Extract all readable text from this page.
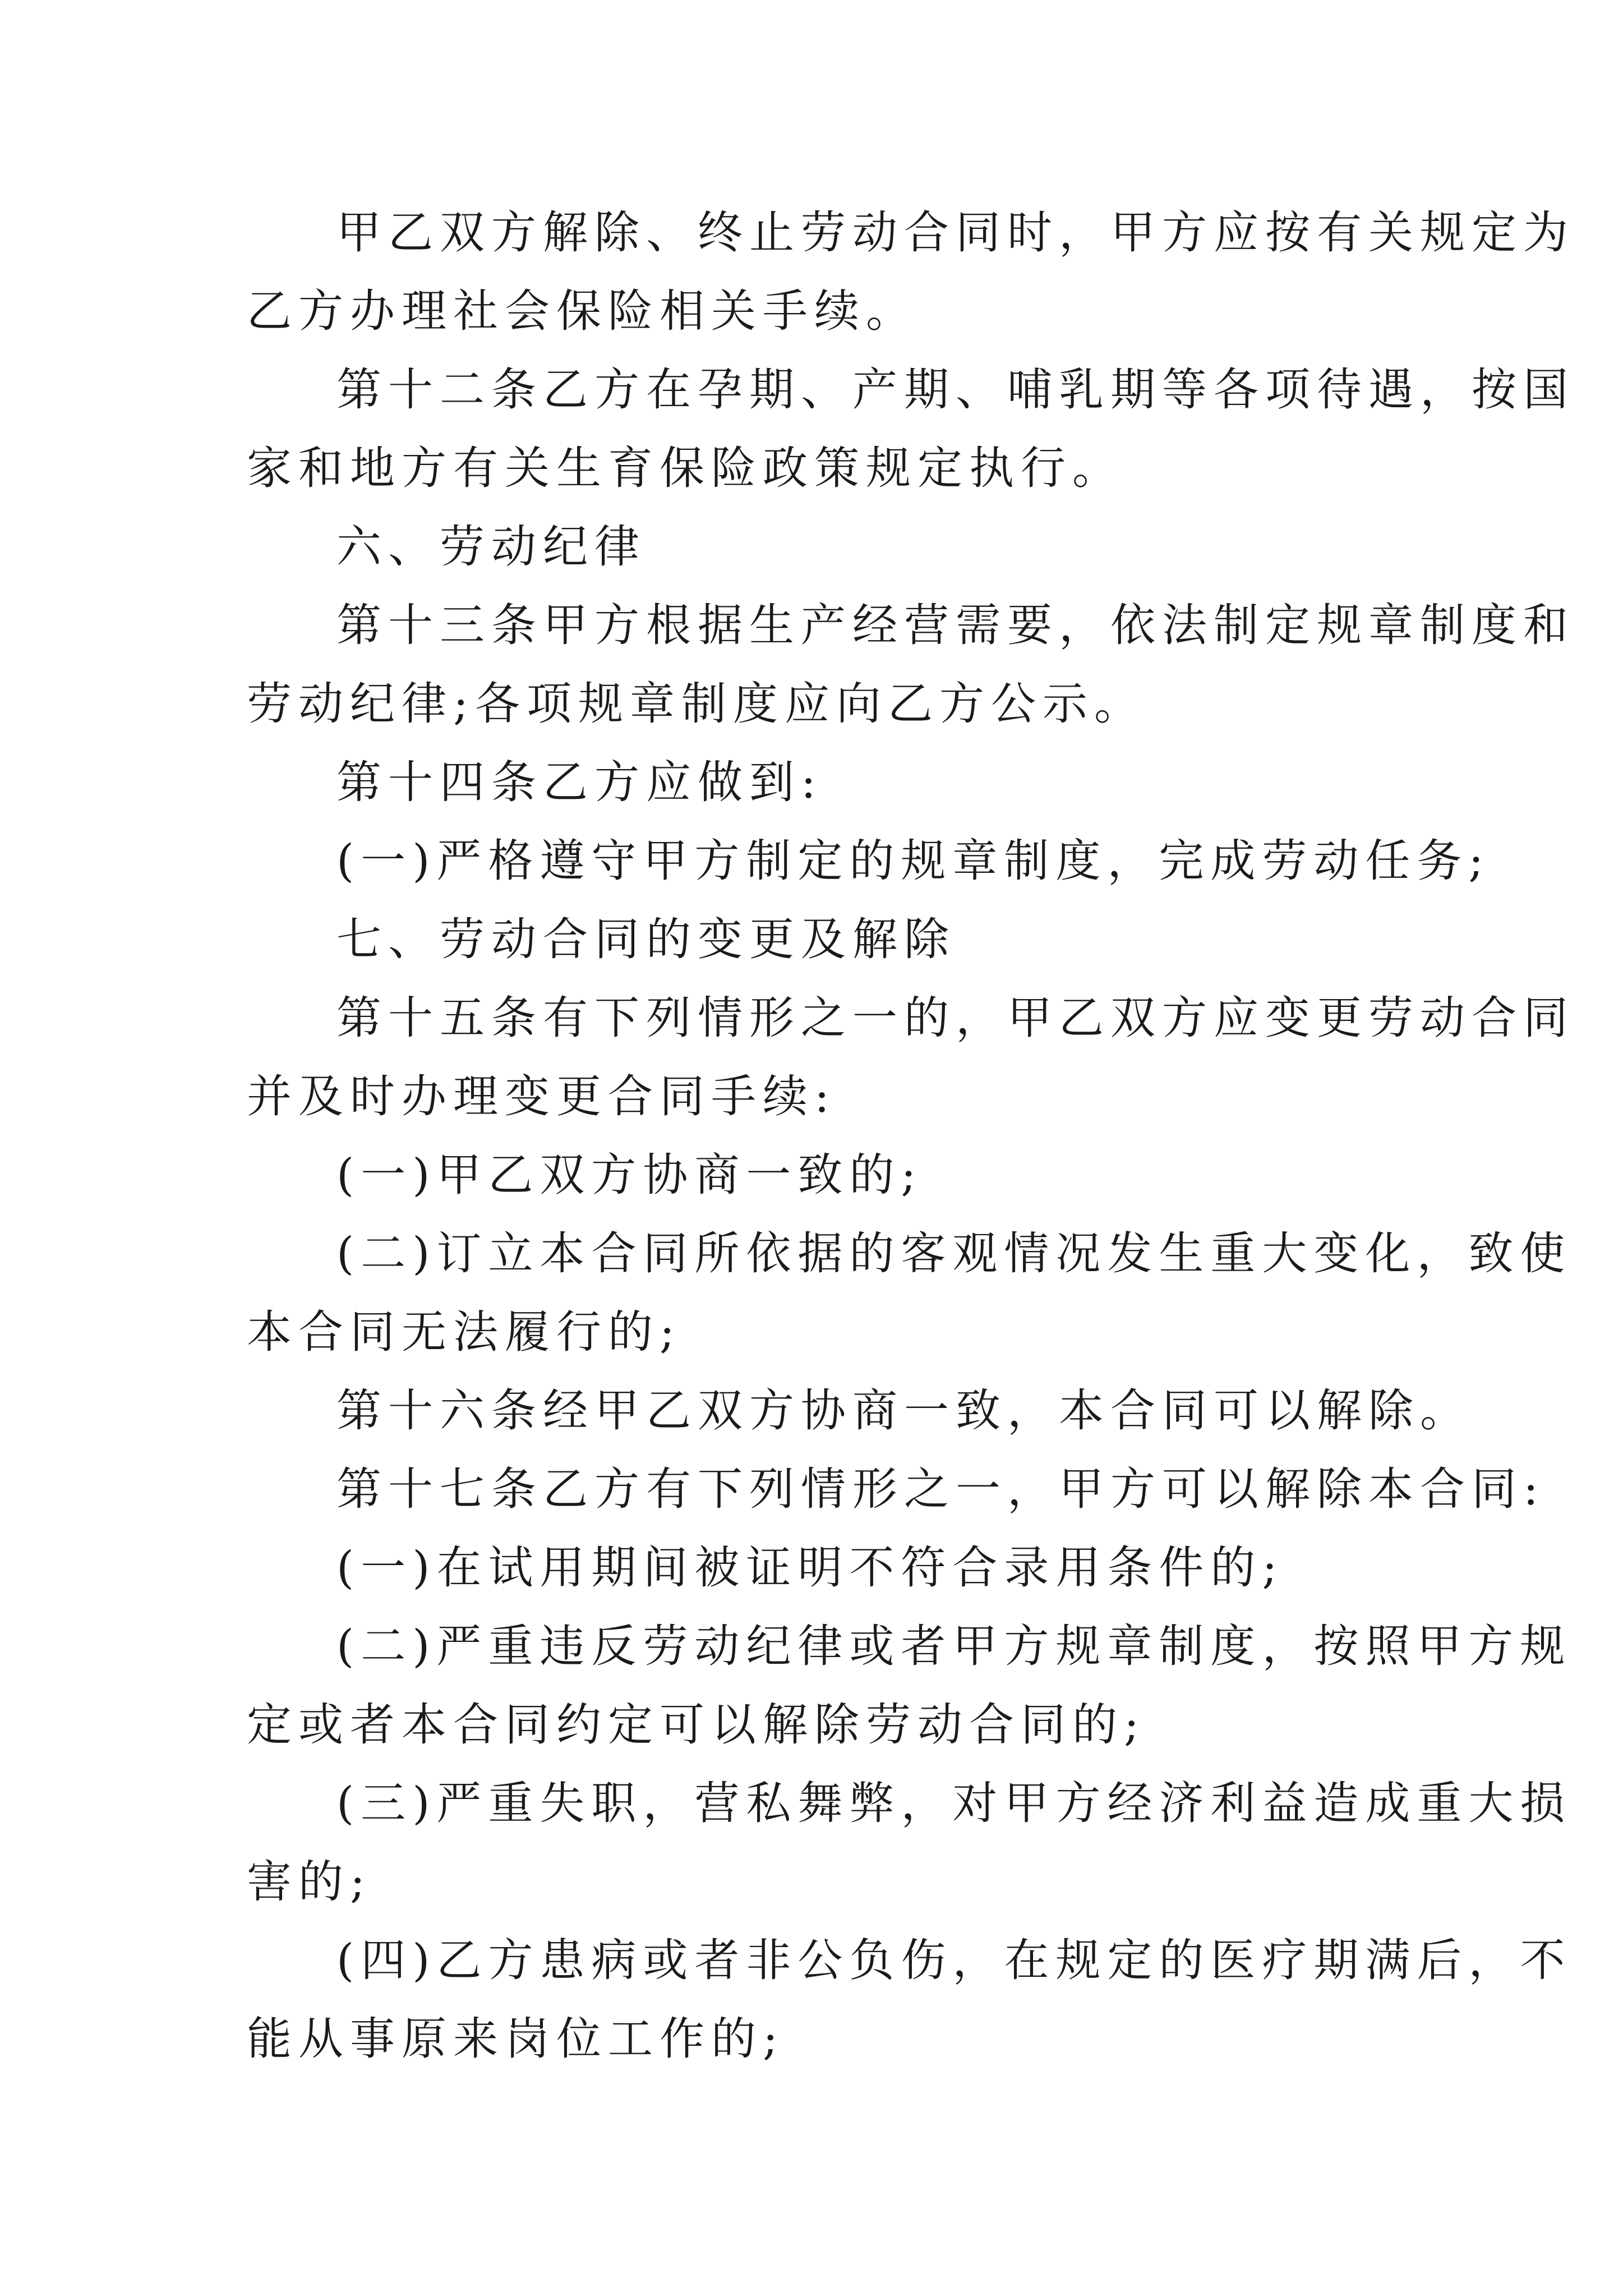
甲乙双方解除、终止劳动合同时，甲方应按有关规定为
乙方办理社会保险相关手续。
第十二条乙方在孕期、产期、哺乳期等各项待遇，按国
家和地方有关生育保险政策规定执行。
六、劳动纪律
第十三条甲方根据生产经营需要，依法制定规章制度和
劳动纪律;各项规章制度应向乙方公示。
第十四条乙方应做到:
(一)严格遵守甲方制定的规章制度，完成劳动任务;
七、劳动合同的变更及解除
第十五条有下列情形之一的，甲乙双方应变更劳动合同
并及时办理变更合同手续:
(一)甲乙双方协商一致的;
(二)订立本合同所依据的客观情况发生重大变化，致使
本合同无法履行的;
第十六条经甲乙双方协商一致，本合同可以解除。
第十七条乙方有下列情形之一，甲方可以解除本合同:
(一)在试用期间被证明不符合录用条件的;
(二)严重违反劳动纪律或者甲方规章制度，按照甲方规
定或者本合同约定可以解除劳动合同的;
(三)严重失职，营私舞弊，对甲方经济利益造成重大损
害的;
(四)乙方患病或者非公负伤，在规定的医疗期满后，不
能从事原来岗位工作的;
